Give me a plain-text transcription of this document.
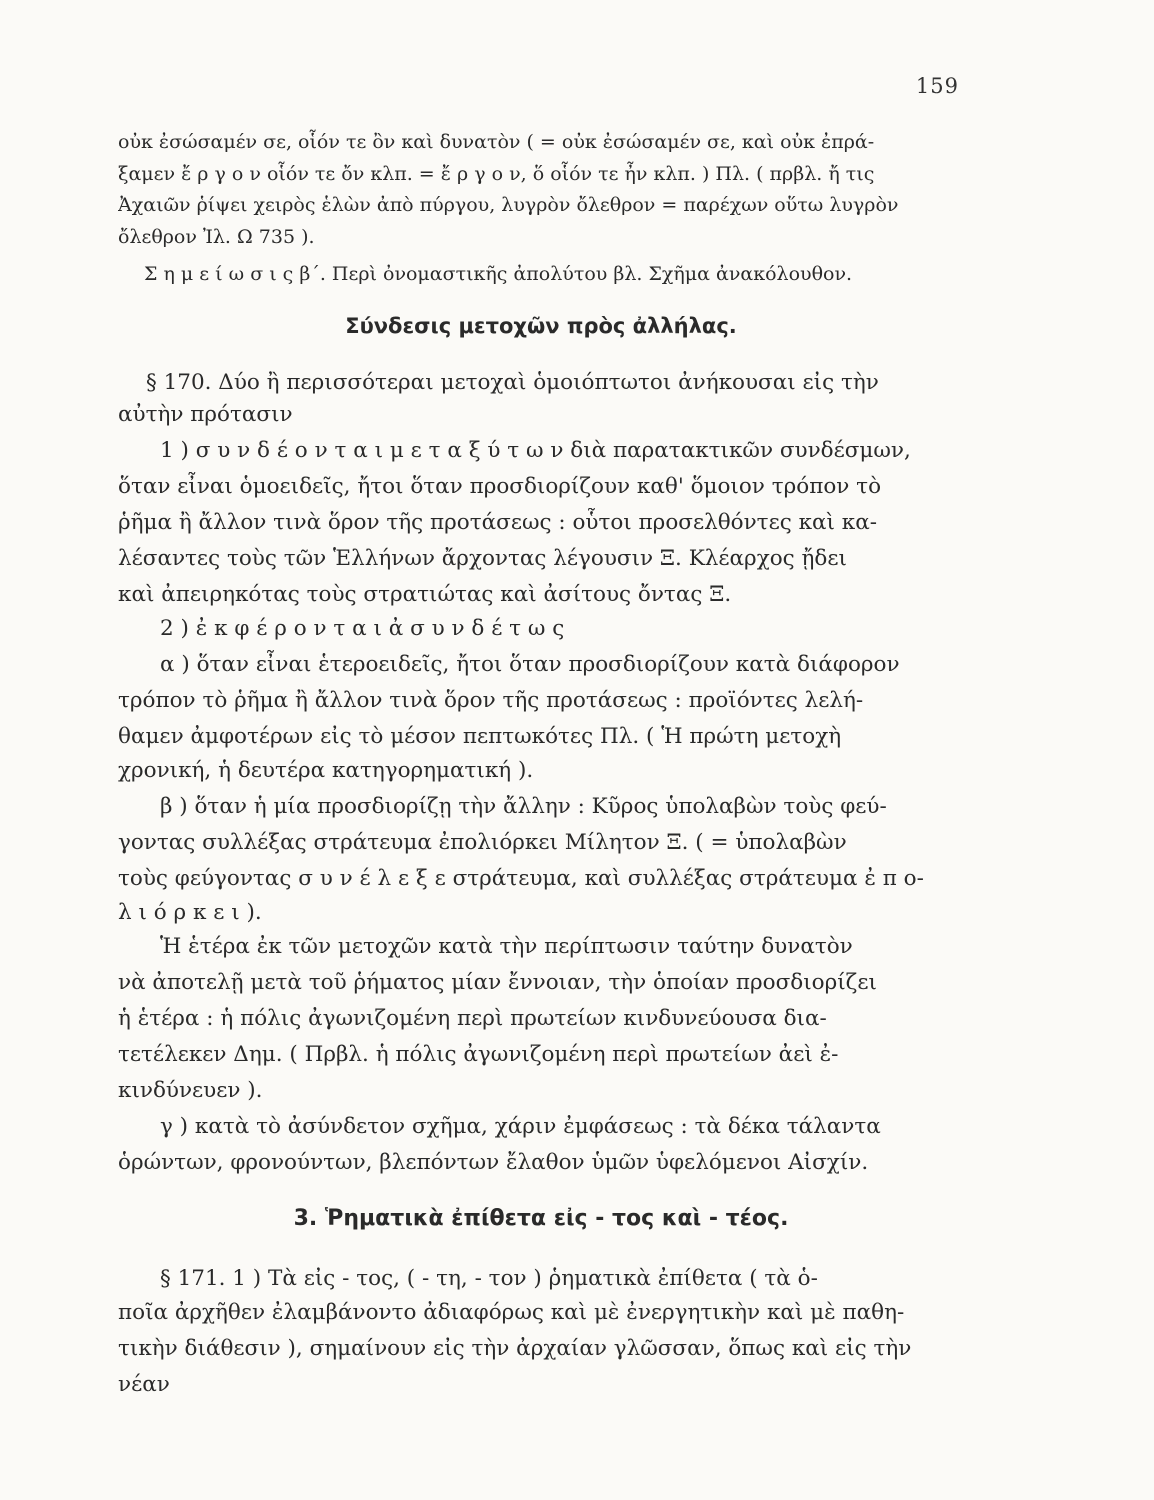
159
οὐκ ἐσώσαμέν σε, οἷόν τε ὂν καὶ δυνατὸν ( = οὐκ ἐσώσαμέν σε, καὶ οὐκ ἐπρά-
ξαμεν ἔ ρ γ ο ν οἷόν τε ὄν κλπ. = ἔ ρ γ ο ν, ὅ οἷόν τε ἦν κλπ. ) Πλ. ( πρβλ. ἤ τις
Ἀχαιῶν ῥίψει χειρὸς ἑλὼν ἀπὸ πύργου, λυγρὸν ὄλεθρον = παρέχων οὕτω λυγρὸν
ὄλεθρον Ἰλ. Ω 735 ).
Σ η μ ε ί ω σ ι ς β΄. Περὶ ὀνομαστικῆς ἀπολύτου βλ. Σχῆμα ἀνακόλουθον.
Σύνδεσις μετοχῶν πρὸς ἀλλήλας.
§ 170. Δύο ἢ περισσότεραι μετοχαὶ ὁμοιόπτωτοι ἀνήκουσαι εἰς τὴν
αὐτὴν πρότασιν
1 ) σ υ ν δ έ ο ν τ α ι μ ε τ α ξ ύ τ ω ν διὰ παρατακτικῶν συνδέσμων,
ὅταν εἶναι ὁμοειδεῖς, ἤτοι ὅταν προσδιορίζουν καθ' ὅμοιον τρόπον τὸ
ῥῆμα ἢ ἄλλον τινὰ ὅρον τῆς προτάσεως : οὗτοι προσελθόντες καὶ κα-
λέσαντες τοὺς τῶν Ἑλλήνων ἄρχοντας λέγουσιν Ξ. Κλέαρχος ᾔδει
καὶ ἀπειρηκότας τοὺς στρατιώτας καὶ ἀσίτους ὄντας Ξ.
2 ) ἐ κ φ έ ρ ο ν τ α ι ἀ σ υ ν δ έ τ ω ς
α ) ὅταν εἶναι ἑτεροειδεῖς, ἤτοι ὅταν προσδιορίζουν κατὰ διάφορον
τρόπον τὸ ῥῆμα ἢ ἄλλον τινὰ ὅρον τῆς προτάσεως : προϊόντες λελή-
θαμεν ἀμφοτέρων εἰς τὸ μέσον πεπτωκότες Πλ. ( Ἡ πρώτη μετοχὴ
χρονική, ἡ δευτέρα κατηγορηματική ).
β ) ὅταν ἡ μία προσδιορίζῃ τὴν ἄλλην : Κῦρος ὑπολαβὼν τοὺς φεύ-
γοντας συλλέξας στράτευμα ἐπολιόρκει Μίλητον Ξ. ( = ὑπολαβὼν
τοὺς φεύγοντας σ υ ν έ λ ε ξ ε στράτευμα, καὶ συλλέξας στράτευμα ἐ π ο-
λ ι ό ρ κ ε ι ).
Ἡ ἑτέρα ἐκ τῶν μετοχῶν κατὰ τὴν περίπτωσιν ταύτην δυνατὸν
νὰ ἀποτελῇ μετὰ τοῦ ῥήματος μίαν ἔννοιαν, τὴν ὁποίαν προσδιορίζει
ἡ ἑτέρα : ἡ πόλις ἀγωνιζομένη περὶ πρωτείων κινδυνεύουσα δια-
τετέλεκεν Δημ. ( Πρβλ. ἡ πόλις ἀγωνιζομένη περὶ πρωτείων ἀεὶ ἐ-
κινδύνευεν ).
γ ) κατὰ τὸ ἀσύνδετον σχῆμα, χάριν ἐμφάσεως : τὰ δέκα τάλαντα
ὁρώντων, φρονούντων, βλεπόντων ἔλαθον ὑμῶν ὑφελόμενοι Αἰσχίν.
3. Ῥηματικὰ ἐπίθετα εἰς - τος καὶ - τέος.
§ 171. 1 ) Τὰ εἰς - τος, ( - τη, - τον ) ῥηματικὰ ἐπίθετα ( τὰ ὁ-
ποῖα ἀρχῆθεν ἐλαμβάνοντο ἀδιαφόρως καὶ μὲ ἐνεργητικὴν καὶ μὲ παθη-
τικὴν διάθεσιν ), σημαίνουν εἰς τὴν ἀρχαίαν γλῶσσαν, ὅπως καὶ εἰς τὴν
νέαν
